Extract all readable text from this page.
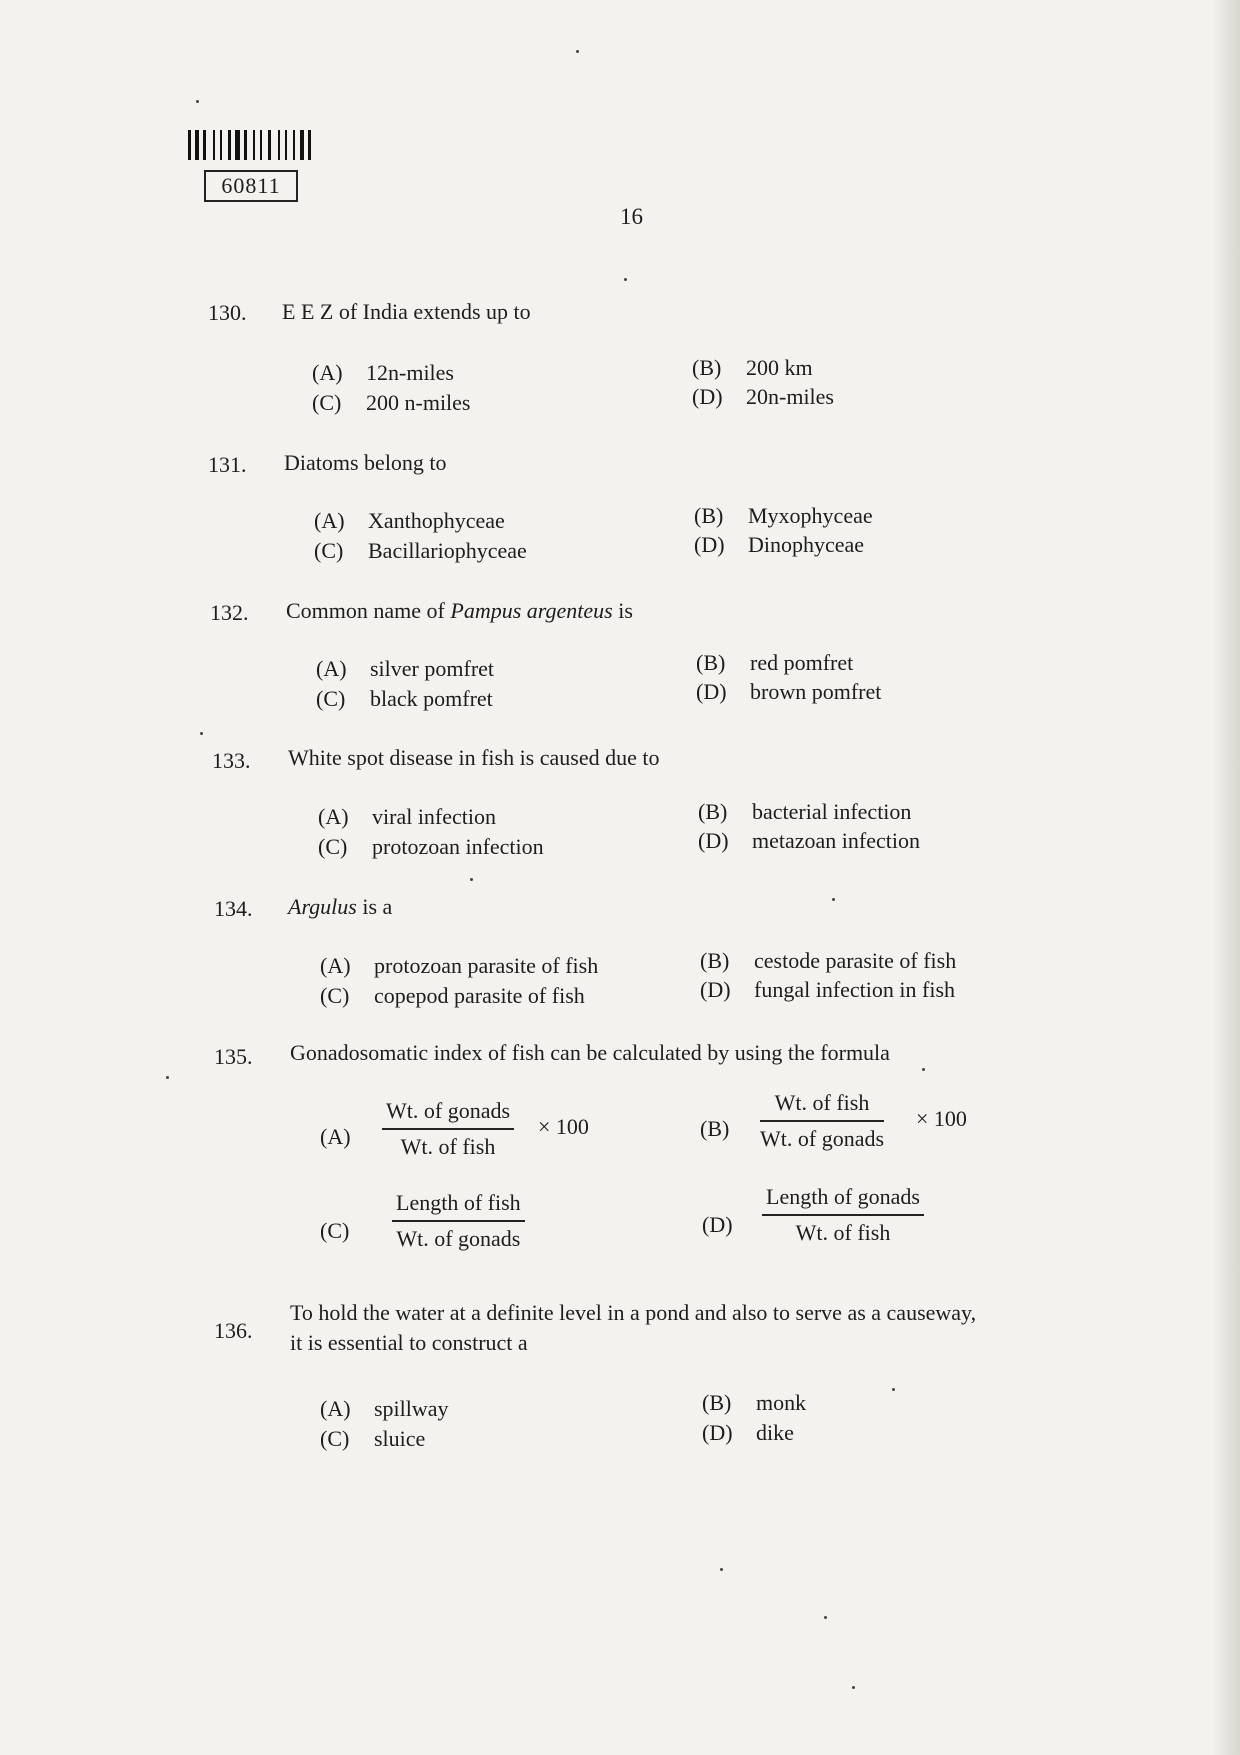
60811
16
130. E E Z of India extends up to
(A) 12n-miles	(B) 200 km
(C) 200 n-miles	(D) 20n-miles
131. Diatoms belong to
(A) Xanthophyceae	(B) Myxophyceae
(C) Bacillariophyceae	(D) Dinophyceae
132. Common name of Pampus argenteus is
(A) silver pomfret	(B) red pomfret
(C) black pomfret	(D) brown pomfret
133. White spot disease in fish is caused due to
(A) viral infection	(B) bacterial infection
(C) protozoan infection	(D) metazoan infection
134. Argulus is a
(A) protozoan parasite of fish	(B) cestode parasite of fish
(C) copepod parasite of fish	(D) fungal infection in fish
135. Gonadosomatic index of fish can be calculated by using the formula
(A)
Wt. of gonads
Wt. of fish
× 100	(B)
Wt. of fish
Wt. of gonads
× 100
(C)
Length of fish
Wt. of gonads
(D)
Length of gonads
Wt. of fish
136.
To hold the water at a definite level in a pond and also to serve as a causeway,
it is essential to construct a
(A) spillway	(B) monk
(C) sluice	(D) dike
